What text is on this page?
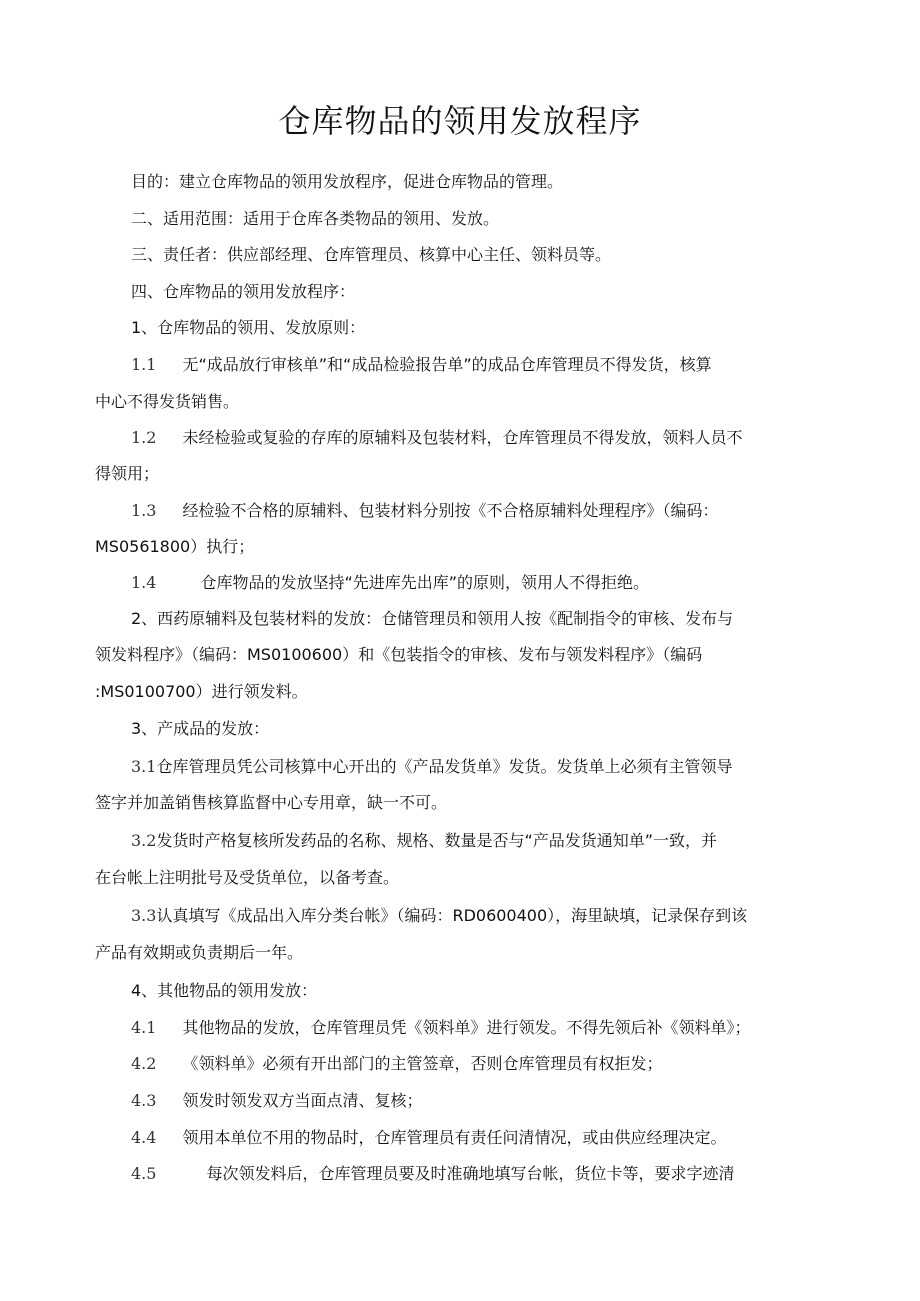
仓库物品的领用发放程序
目的：建立仓库物品的领用发放程序，促进仓库物品的管理。
二、适用范围：适用于仓库各类物品的领用、发放。
三、责任者：供应部经理、仓库管理员、核算中心主任、领料员等。
四、仓库物品的领用发放程序：
1、仓库物品的领用、发放原则：
1.1 无“成品放行审核单”和“成品检验报告单”的成品仓库管理员不得发货，核算
中心不得发货销售。
1.2 未经检验或复验的存库的原辅料及包装材料，仓库管理员不得发放，领料人员不
得领用；
1.3 经检验不合格的原辅料、包装材料分别按《不合格原辅料处理程序》（编码：
MS0561800）执行；
1.4	仓库物品的发放坚持“先进库先出库”的原则，领用人不得拒绝。
2、西药原辅料及包装材料的发放：仓储管理员和领用人按《配制指令的审核、发布与
领发料程序》（编码：MS0100600）和《包装指令的审核、发布与领发料程序》（编码
:MS0100700）进行领发料。
3、产成品的发放：
3.1仓库管理员凭公司核算中心开出的《产品发货单》发货。发货单上必须有主管领导
签字并加盖销售核算监督中心专用章，缺一不可。
3.2发货时产格复核所发药品的名称、规格、数量是否与“产品发货通知单”一致，并
在台帐上注明批号及受货单位，以备考查。
3.3认真填写《成品出入库分类台帐》（编码：RD0600400），海里缺填，记录保存到该
产品有效期或负责期后一年。
4、其他物品的领用发放：
4.1 其他物品的发放，仓库管理员凭《领料单》进行领发。不得先领后补《领料单》；
4.2 《领料单》必须有开出部门的主管签章，否则仓库管理员有权拒发；
4.3 领发时领发双方当面点清、复核；
4.4 领用本单位不用的物品时，仓库管理员有责任问清情况，或由供应经理决定。
4.5	每次领发料后，仓库管理员要及时准确地填写台帐，货位卡等，要求字迹清
